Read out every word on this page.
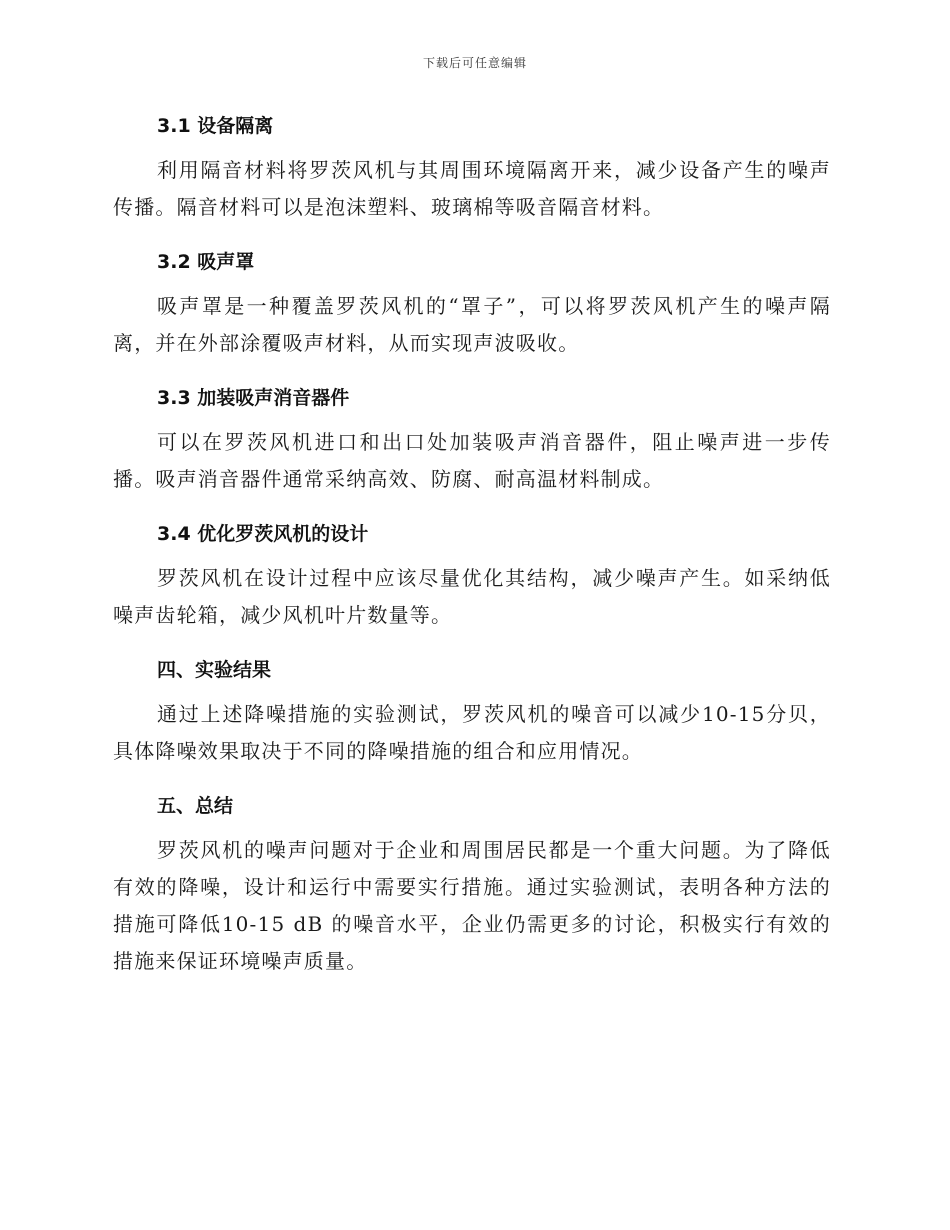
下载后可任意编辑
3.1 设备隔离

利用隔音材料将罗茨风机与其周围环境隔离开来，减少设备产生的噪声传播。隔音材料可以是泡沫塑料、玻璃棉等吸音隔音材料。

3.2 吸声罩

吸声罩是一种覆盖罗茨风机的“罩子”，可以将罗茨风机产生的噪声隔离，并在外部涂覆吸声材料，从而实现声波吸收。

3.3 加装吸声消音器件

可以在罗茨风机进口和出口处加装吸声消音器件，阻止噪声进一步传播。吸声消音器件通常采纳高效、防腐、耐高温材料制成。

3.4 优化罗茨风机的设计

罗茨风机在设计过程中应该尽量优化其结构，减少噪声产生。如采纳低噪声齿轮箱，减少风机叶片数量等。

四、实验结果

通过上述降噪措施的实验测试，罗茨风机的噪音可以减少10-15分贝，具体降噪效果取决于不同的降噪措施的组合和应用情况。

五、总结

罗茨风机的噪声问题对于企业和周围居民都是一个重大问题。为了降低有效的降噪，设计和运行中需要实行措施。通过实验测试，表明各种方法的措施可降低10-15 dB 的噪音水平，企业仍需更多的讨论，积极实行有效的措施来保证环境噪声质量。
